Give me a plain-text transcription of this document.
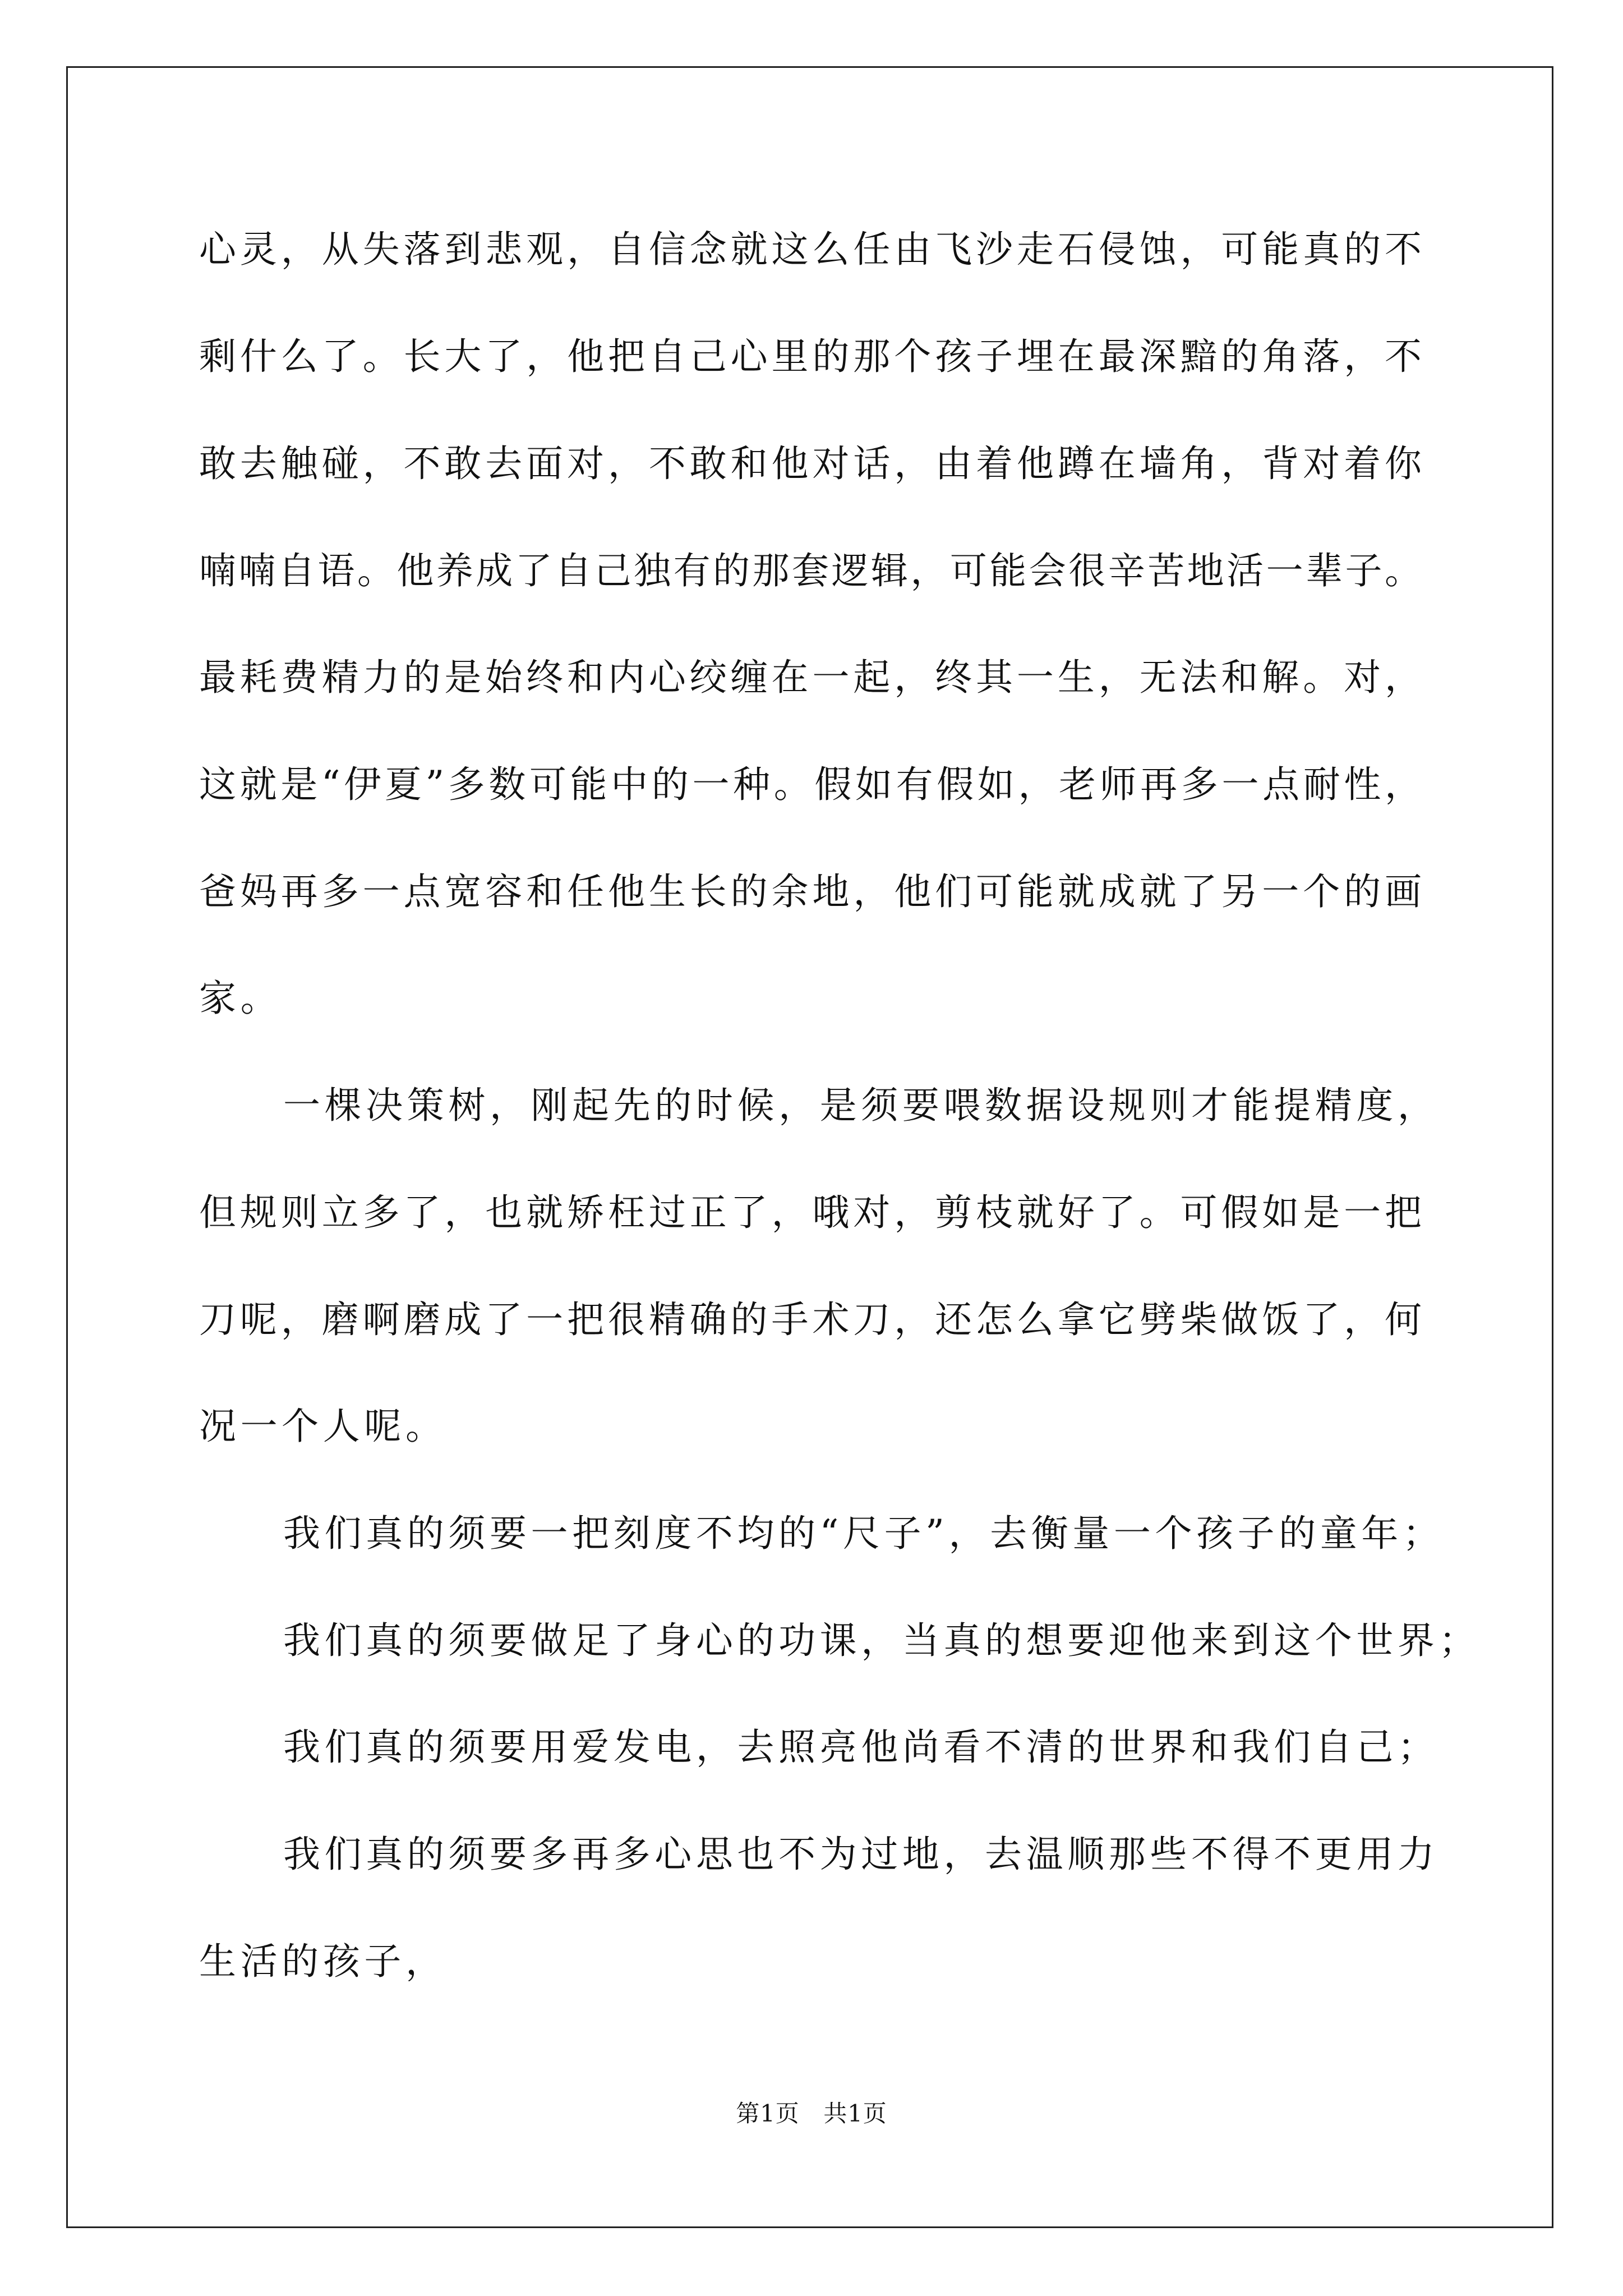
心灵，从失落到悲观，自信念就这么任由飞沙走石侵蚀，可能真的不
剩什么了。长大了，他把自己心里的那个孩子埋在最深黯的角落，不
敢去触碰，不敢去面对，不敢和他对话，由着他蹲在墙角，背对着你
喃喃自语。他养成了自己独有的那套逻辑，可能会很辛苦地活一辈子。
最耗费精力的是始终和内心绞缠在一起，终其一生，无法和解。对，
这就是“伊夏”多数可能中的一种。假如有假如，老师再多一点耐性，
爸妈再多一点宽容和任他生长的余地，他们可能就成就了另一个的画
家。
一棵决策树，刚起先的时候，是须要喂数据设规则才能提精度，
但规则立多了，也就矫枉过正了，哦对，剪枝就好了。可假如是一把
刀呢，磨啊磨成了一把很精确的手术刀，还怎么拿它劈柴做饭了，何
况一个人呢。
我们真的须要一把刻度不均的“尺子”，去衡量一个孩子的童年；
我们真的须要做足了身心的功课，当真的想要迎他来到这个世界；
我们真的须要用爱发电，去照亮他尚看不清的世界和我们自己；
我们真的须要多再多心思也不为过地，去温顺那些不得不更用力
生活的孩子，
第1页　共1页
